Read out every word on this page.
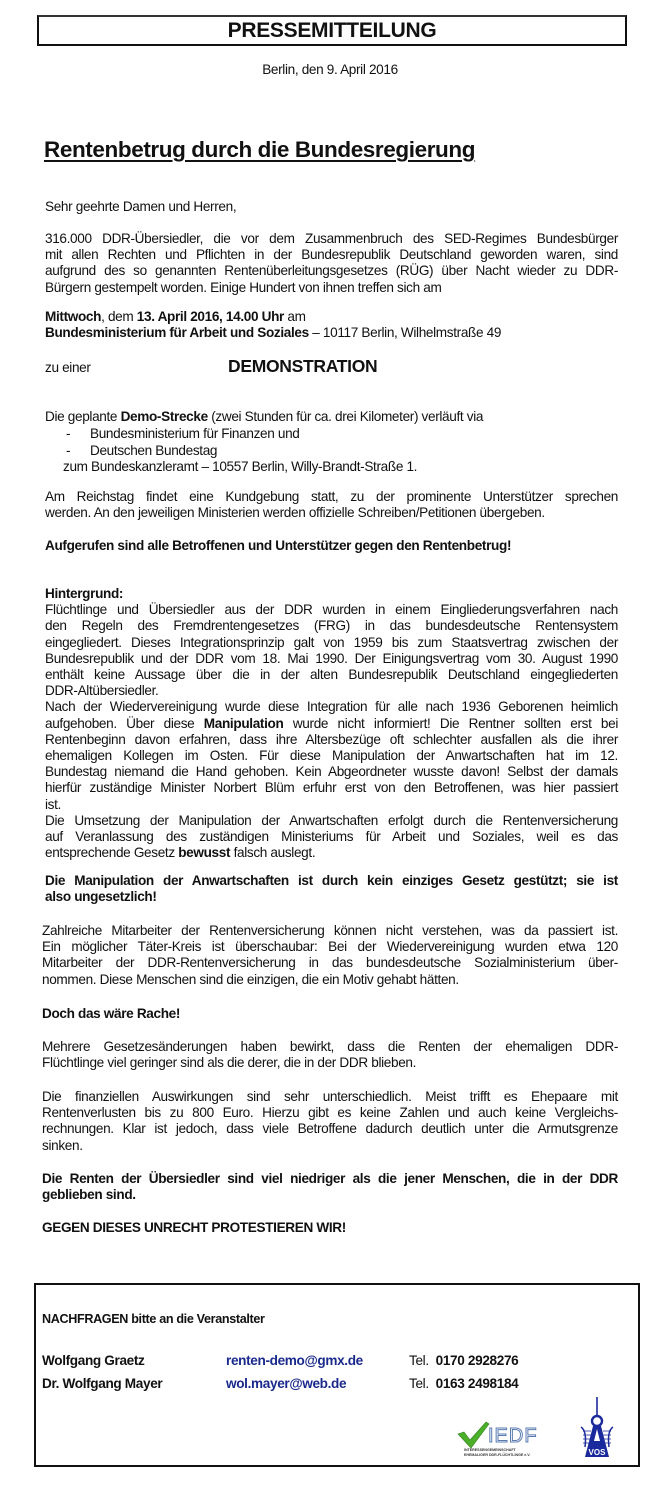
PRESSEMITTEILUNG
Berlin, den 9. April 2016
Rentenbetrug durch die Bundesregierung
Sehr geehrte Damen und Herren,
316.000 DDR-Übersiedler, die vor dem Zusammenbruch des SED-Regimes Bundesbürger
mit allen Rechten und Pflichten in der Bundesrepublik Deutschland geworden waren, sind
aufgrund des so genannten Rentenüberleitungsgesetzes (RÜG) über Nacht wieder zu DDR-
Bürgern gestempelt worden. Einige Hundert von ihnen treffen sich am
Mittwoch, dem 13. April 2016, 14.00 Uhr am
Bundesministerium für Arbeit und Soziales – 10117 Berlin, Wilhelmstraße 49
zu einer	DEMONSTRATION
Die geplante Demo-Strecke (zwei Stunden für ca. drei Kilometer) verläuft via
- Bundesministerium für Finanzen und
- Deutschen Bundestag
zum Bundeskanzleramt – 10557 Berlin, Willy-Brandt-Straße 1.
Am Reichstag findet eine Kundgebung statt, zu der prominente Unterstützer sprechen
werden. An den jeweiligen Ministerien werden offizielle Schreiben/Petitionen übergeben.
Aufgerufen sind alle Betroffenen und Unterstützer gegen den Rentenbetrug!
Hintergrund:
Flüchtlinge und Übersiedler aus der DDR wurden in einem Eingliederungsverfahren nach
den Regeln des Fremdrentengesetzes (FRG) in das bundesdeutsche Rentensystem
eingegliedert. Dieses Integrationsprinzip galt von 1959 bis zum Staatsvertrag zwischen der
Bundesrepublik und der DDR vom 18. Mai 1990. Der Einigungsvertrag vom 30. August 1990
enthält keine Aussage über die in der alten Bundesrepublik Deutschland eingegliederten
DDR-Altübersiedler.
Nach der Wiedervereinigung wurde diese Integration für alle nach 1936 Geborenen heimlich
aufgehoben. Über diese Manipulation wurde nicht informiert! Die Rentner sollten erst bei
Rentenbeginn davon erfahren, dass ihre Altersbezüge oft schlechter ausfallen als die ihrer
ehemaligen Kollegen im Osten. Für diese Manipulation der Anwartschaften hat im 12.
Bundestag niemand die Hand gehoben. Kein Abgeordneter wusste davon! Selbst der damals
hierfür zuständige Minister Norbert Blüm erfuhr erst von den Betroffenen, was hier passiert
ist.
Die Umsetzung der Manipulation der Anwartschaften erfolgt durch die Rentenversicherung
auf Veranlassung des zuständigen Ministeriums für Arbeit und Soziales, weil es das
entsprechende Gesetz bewusst falsch auslegt.
Die Manipulation der Anwartschaften ist durch kein einziges Gesetz gestützt; sie ist
also ungesetzlich!
Zahlreiche Mitarbeiter der Rentenversicherung können nicht verstehen, was da passiert ist.
Ein möglicher Täter-Kreis ist überschaubar: Bei der Wiedervereinigung wurden etwa 120
Mitarbeiter der DDR-Rentenversicherung in das bundesdeutsche Sozialministerium über-
nommen. Diese Menschen sind die einzigen, die ein Motiv gehabt hätten.
Doch das wäre Rache!
Mehrere Gesetzesänderungen haben bewirkt, dass die Renten der ehemaligen DDR-
Flüchtlinge viel geringer sind als die derer, die in der DDR blieben.
Die finanziellen Auswirkungen sind sehr unterschiedlich. Meist trifft es Ehepaare mit
Rentenverlusten bis zu 800 Euro. Hierzu gibt es keine Zahlen und auch keine Vergleichs-
rechnungen. Klar ist jedoch, dass viele Betroffene dadurch deutlich unter die Armutsgrenze
sinken.
Die Renten der Übersiedler sind viel niedriger als die jener Menschen, die in der DDR
geblieben sind.
GEGEN DIESES UNRECHT PROTESTIEREN WIR!
NACHFRAGEN bitte an die Veranstalter
Wolfgang Graetz	renten-demo@gmx.de	Tel. 0170 2928276
Dr. Wolfgang Mayer	wol.mayer@web.de	Tel. 0163 2498184
IEDF
INTERESSENGEMEINSCHAFT
EHEMALIGER DDR-FLÜCHTLINGE e.V.	VOS
